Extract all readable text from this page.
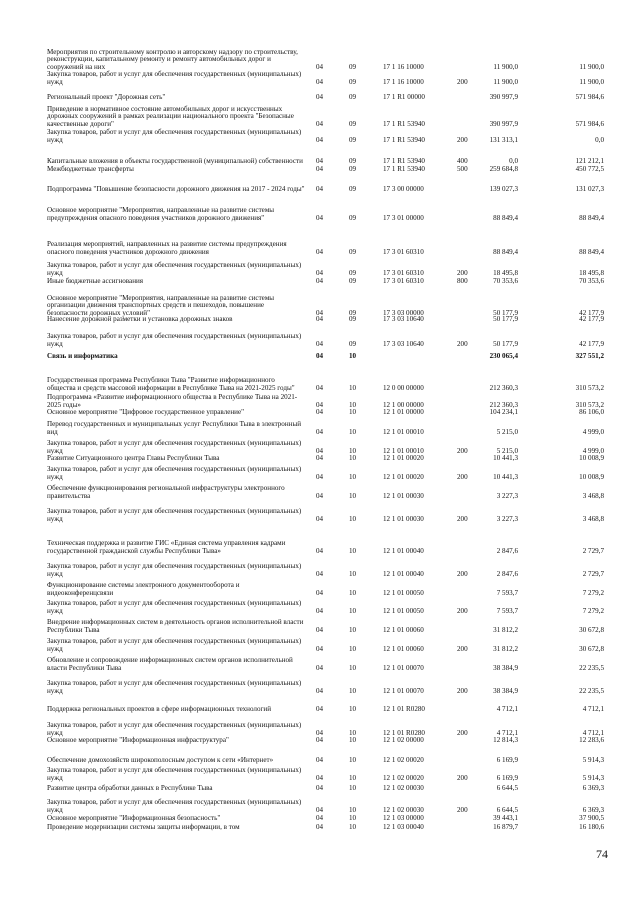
Мероприятия по строительному контролю и авторскому надзору по строительству, реконструкции, капитальному ремонту и ремонту автомобильных дорог и сооружений на них	04	09	17 1 16 10000	11 900,0	11 900,0
Закупка товаров, работ и услуг для обеспечения государственных (муниципальных) нужд	04	09	17 1 16 10000	200	11 900,0	11 900,0
Региональный проект "Дорожная сеть"	04	09	17 1 R1 00000	390 997,9	571 984,6
Приведение в нормативное состояние автомобильных дорог и искусственных дорожных сооружений в рамках реализации национального проекта "Безопасные качественные дороги"	04	09	17 1 R1 53940	390 997,9	571 984,6
Закупка товаров, работ и услуг для обеспечения государственных (муниципальных) нужд	04	09	17 1 R1 53940	200	131 313,1	0,0
Капитальные вложения в объекты государственной (муниципальной) собственности 04	09	17 1 R1 53940	400	0,0	121 212,1
Межбюджетные трансферты	04	09	17 1 R1 53940	500	259 684,8	450 772,5
Подпрограмма "Повышение безопасности дорожного движения на 2017 - 2024 годы" 04	09	17 3 00 00000	139 027,3	131 027,3
Основное мероприятие "Мероприятия, направленные на развитие системы предупреждения опасного поведения участников дорожного движения"	04	09	17 3 01 00000	88 849,4	88 849,4
Реализация мероприятий, направленных на развитие системы предупреждения опасного поведения участников дорожного движения	04	09	17 3 01 60310	88 849,4	88 849,4
Закупка товаров, работ и услуг для обеспечения государственных (муниципальных) нужд	04	09	17 3 01 60310	200	18 495,8	18 495,8
Иные бюджетные ассигнования	04	09	17 3 01 60310	800	70 353,6	70 353,6
Основное мероприятие "Мероприятия, направленные на развитие системы организации движения транспортных средств и пешеходов, повышение безопасности дорожных условий"	04	09	17 3 03 00000	50 177,9	42 177,9
Нанесение дорожной разметки и установка дорожных знаков	04	09	17 3 03 10640	50 177,9	42 177,9
Закупка товаров, работ и услуг для обеспечения государственных (муниципальных) нужд	04	09	17 3 03 10640	200	50 177,9	42 177,9
Связь и информатика	04	10	230 065,4	327 551,2
Государственная программа Республики Тыва "Развитие информационного общества и средств массовой информации в Республике Тыва на 2021-2025 годы"	04	10	12 0 00 00000	212 360,3	310 573,2
Подпрограмма «Развитие информационного общества в Республике Тыва на 2021-2025 годы»	04	10	12 1 00 00000	212 360,3	310 573,2
Основное мероприятие "Цифровое государственное управление"	04	10	12 1 01 00000	104 234,1	86 106,0
Перевод государственных и муниципальных услуг Республики Тыва в электронный вид	04	10	12 1 01 00010	5 215,0	4 999,0
Закупка товаров, работ и услуг для обеспечения государственных (муниципальных) нужд	04	10	12 1 01 00010	200	5 215,0	4 999,0
Развитие Ситуационного центра Главы Республики Тыва	04	10	12 1 01 00020	10 441,3	10 008,9
Закупка товаров, работ и услуг для обеспечения государственных (муниципальных) нужд	04	10	12 1 01 00020	200	10 441,3	10 008,9
Обеспечение функционирования региональной инфраструктуры электронного правительства	04	10	12 1 01 00030	3 227,3	3 468,8
Закупка товаров, работ и услуг для обеспечения государственных (муниципальных) нужд	04	10	12 1 01 00030	200	3 227,3	3 468,8
Техническая поддержка и развитие ГИС «Единая система управления кадрами государственной гражданской службы Республики Тыва»	04	10	12 1 01 00040	2 847,6	2 729,7
Закупка товаров, работ и услуг для обеспечения государственных (муниципальных) нужд	04	10	12 1 01 00040	200	2 847,6	2 729,7
Функционирование системы электронного документооборота и видеоконференцсвязи	04	10	12 1 01 00050	7 593,7	7 279,2
Закупка товаров, работ и услуг для обеспечения государственных (муниципальных) нужд	04	10	12 1 01 00050	200	7 593,7	7 279,2
Внедрение информационных систем в деятельность органов исполнительной власти Республики Тыва	04	10	12 1 01 00060	31 812,2	30 672,8
Закупка товаров, работ и услуг для обеспечения государственных (муниципальных) нужд	04	10	12 1 01 00060	200	31 812,2	30 672,8
Обновление и сопровождение информационных систем органов исполнительной власти Республики Тыва	04	10	12 1 01 00070	38 384,9	22 235,5
Закупка товаров, работ и услуг для обеспечения государственных (муниципальных) нужд	04	10	12 1 01 00070	200	38 384,9	22 235,5
Поддержка региональных проектов в сфере информационных технологий	04	10	12 1 01 R0280	4 712,1	4 712,1
Закупка товаров, работ и услуг для обеспечения государственных (муниципальных) нужд	04	10	12 1 01 R0280	200	4 712,1	4 712,1
Основное мероприятие "Информационная инфраструктура"	04	10	12 1 02 00000	12 814,3	12 283,6
Обеспечение домохозяйств широкополосным доступом к сети «Интернет»	04	10	12 1 02 00020	6 169,9	5 914,3
Закупка товаров, работ и услуг для обеспечения государственных (муниципальных) нужд	04	10	12 1 02 00020	200	6 169,9	5 914,3
Развитие центра обработки данных в Республике Тыва	04	10	12 1 02 00030	6 644,5	6 369,3
Закупка товаров, работ и услуг для обеспечения государственных (муниципальных) нужд	04	10	12 1 02 00030	200	6 644,5	6 369,3
Основное мероприятие "Информационная безопасность"	04	10	12 1 03 00000	39 443,1	37 900,5
Проведение модернизации системы защиты информации, в том	04	10	12 1 03 00040	16 879,7	16 180,6
74
